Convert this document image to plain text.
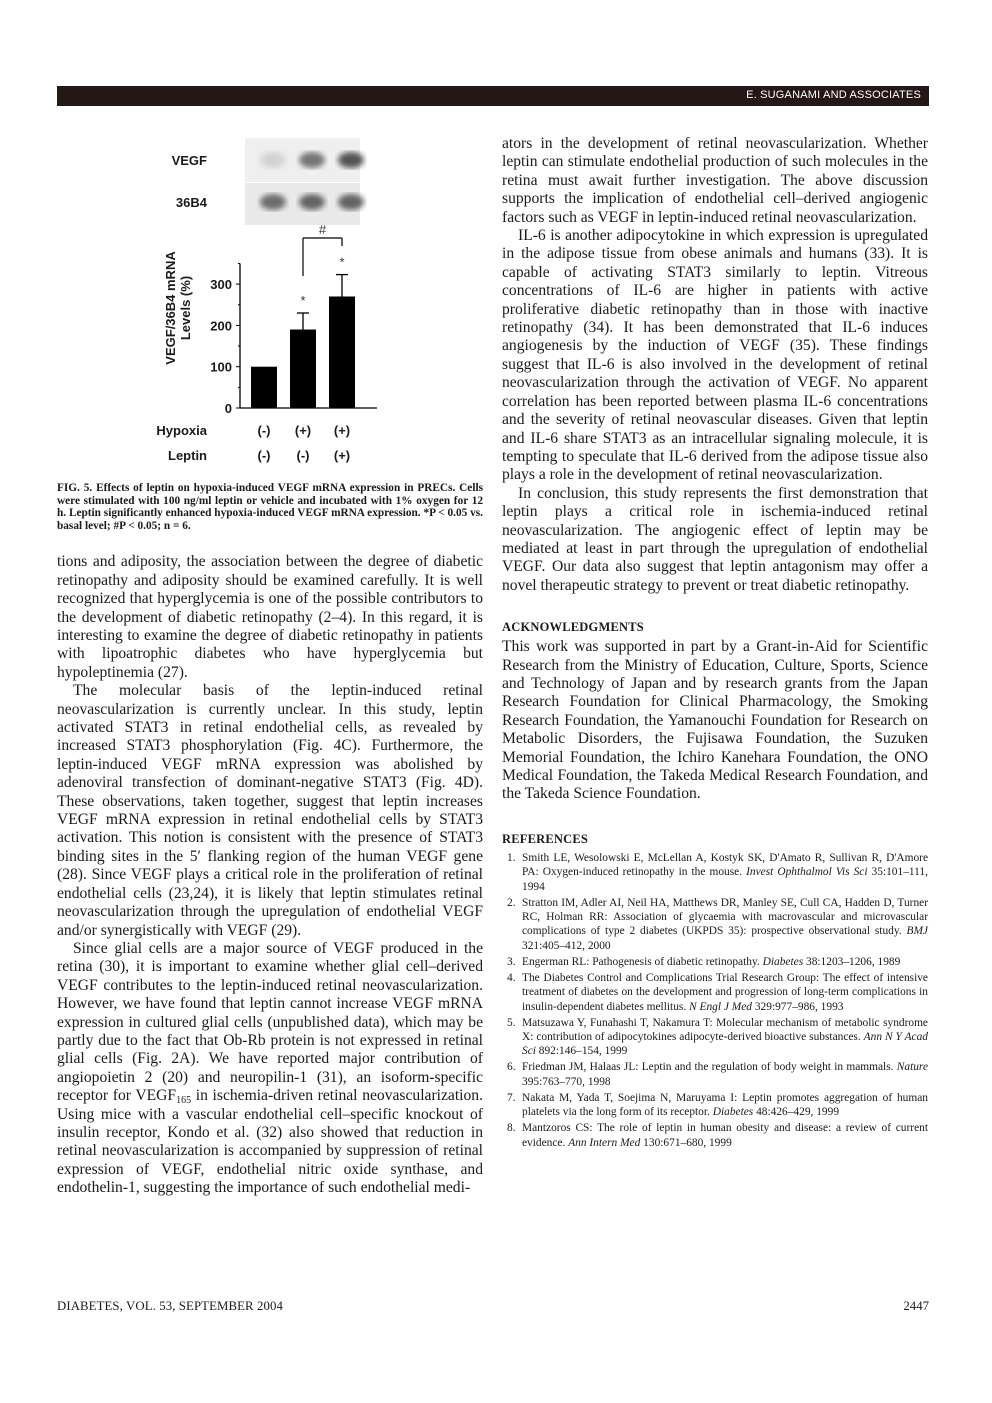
E. SUGANAMI AND ASSOCIATES
VEGF
36B4
0
100
200
300
VEGF/36B4 mRNA Levels (%)	*
*
#
Hypoxia	(-) (+) (+)
Leptin	(-) (-) (+)
FIG. 5. Effects of leptin on hypoxia-induced VEGF mRNA expression in PRECs. Cells were stimulated with 100 ng/ml leptin or vehicle and incubated with 1% oxygen for 12 h. Leptin significantly enhanced hypoxia-induced VEGF mRNA expression. *P < 0.05 vs. basal level; #P < 0.05; n = 6.

tions and adiposity, the association between the degree of diabetic retinopathy and adiposity should be examined carefully. It is well recognized that hyperglycemia is one of the possible contributors to the development of diabetic retinopathy (2–4). In this regard, it is interesting to examine the degree of diabetic retinopathy in patients with lipoatrophic diabetes who have hyperglycemia but hypoleptinemia (27).

The molecular basis of the leptin-induced retinal neovascularization is currently unclear. In this study, leptin activated STAT3 in retinal endothelial cells, as revealed by increased STAT3 phosphorylation (Fig. 4C). Furthermore, the leptin-induced VEGF mRNA expression was abolished by adenoviral transfection of dominant-negative STAT3 (Fig. 4D). These observations, taken together, suggest that leptin increases VEGF mRNA expression in retinal endothelial cells by STAT3 activation. This notion is consistent with the presence of STAT3 binding sites in the 5′ flanking region of the human VEGF gene (28). Since VEGF plays a critical role in the proliferation of retinal endothelial cells (23,24), it is likely that leptin stimulates retinal neovascularization through the upregulation of endothelial VEGF and/or synergistically with VEGF (29).

Since glial cells are a major source of VEGF produced in the retina (30), it is important to examine whether glial cell–derived VEGF contributes to the leptin-induced retinal neovascularization. However, we have found that leptin cannot increase VEGF mRNA expression in cultured glial cells (unpublished data), which may be partly due to the fact that Ob-Rb protein is not expressed in retinal glial cells (Fig. 2A). We have reported major contribution of angiopoietin 2 (20) and neuropilin-1 (31), an isoform-specific receptor for $VEGF_{165}$ in ischemia-driven retinal neovascularization. Using mice with a vascular endothelial cell–specific knockout of insulin receptor, Kondo et al. (32) also showed that reduction in retinal neovascularization is accompanied by suppression of retinal expression of VEGF, endothelial nitric oxide synthase, and endothelin-1, suggesting the importance of such endothelial medi-

ators in the development of retinal neovascularization. Whether leptin can stimulate endothelial production of such molecules in the retina must await further investigation. The above discussion supports the implication of endothelial cell–derived angiogenic factors such as VEGF in leptin-induced retinal neovascularization.

IL-6 is another adipocytokine in which expression is upregulated in the adipose tissue from obese animals and humans (33). It is capable of activating STAT3 similarly to leptin. Vitreous concentrations of IL-6 are higher in patients with active proliferative diabetic retinopathy than in those with inactive retinopathy (34). It has been demonstrated that IL-6 induces angiogenesis by the induction of VEGF (35). These findings suggest that IL-6 is also involved in the development of retinal neovascularization through the activation of VEGF. No apparent correlation has been reported between plasma IL-6 concentrations and the severity of retinal neovascular diseases. Given that leptin and IL-6 share STAT3 as an intracellular signaling molecule, it is tempting to speculate that IL-6 derived from the adipose tissue also plays a role in the development of retinal neovascularization.

In conclusion, this study represents the first demonstration that leptin plays a critical role in ischemia-induced retinal neovascularization. The angiogenic effect of leptin may be mediated at least in part through the upregulation of endothelial VEGF. Our data also suggest that leptin antagonism may offer a novel therapeutic strategy to prevent or treat diabetic retinopathy.

ACKNOWLEDGMENTS

This work was supported in part by a Grant-in-Aid for Scientific Research from the Ministry of Education, Culture, Sports, Science and Technology of Japan and by research grants from the Japan Research Foundation for Clinical Pharmacology, the Smoking Research Foundation, the Yamanouchi Foundation for Research on Metabolic Disorders, the Fujisawa Foundation, the Suzuken Memorial Foundation, the Ichiro Kanehara Foundation, the ONO Medical Foundation, the Takeda Medical Research Foundation, and the Takeda Science Foundation.

REFERENCES
1. Smith LE, Wesolowski E, McLellan A, Kostyk SK, D'Amato R, Sullivan R, D'Amore PA: Oxygen-induced retinopathy in the mouse. Invest Ophthalmol Vis Sci 35:101–111, 1994
2. Stratton IM, Adler AI, Neil HA, Matthews DR, Manley SE, Cull CA, Hadden D, Turner RC, Holman RR: Association of glycaemia with macrovascular and microvascular complications of type 2 diabetes (UKPDS 35): prospective observational study. BMJ 321:405–412, 2000
3. Engerman RL: Pathogenesis of diabetic retinopathy. Diabetes 38:1203–1206, 1989
4. The Diabetes Control and Complications Trial Research Group: The effect of intensive treatment of diabetes on the development and progression of long-term complications in insulin-dependent diabetes mellitus. N Engl J Med 329:977–986, 1993
5. Matsuzawa Y, Funahashi T, Nakamura T: Molecular mechanism of metabolic syndrome X: contribution of adipocytokines adipocyte-derived bioactive substances. Ann N Y Acad Sci 892:146–154, 1999
6. Friedman JM, Halaas JL: Leptin and the regulation of body weight in mammals. Nature 395:763–770, 1998
7. Nakata M, Yada T, Soejima N, Maruyama I: Leptin promotes aggregation of human platelets via the long form of its receptor. Diabetes 48:426–429, 1999
8. Mantzoros CS: The role of leptin in human obesity and disease: a review of current evidence. Ann Intern Med 130:671–680, 1999
DIABETES, VOL. 53, SEPTEMBER 2004	2447
